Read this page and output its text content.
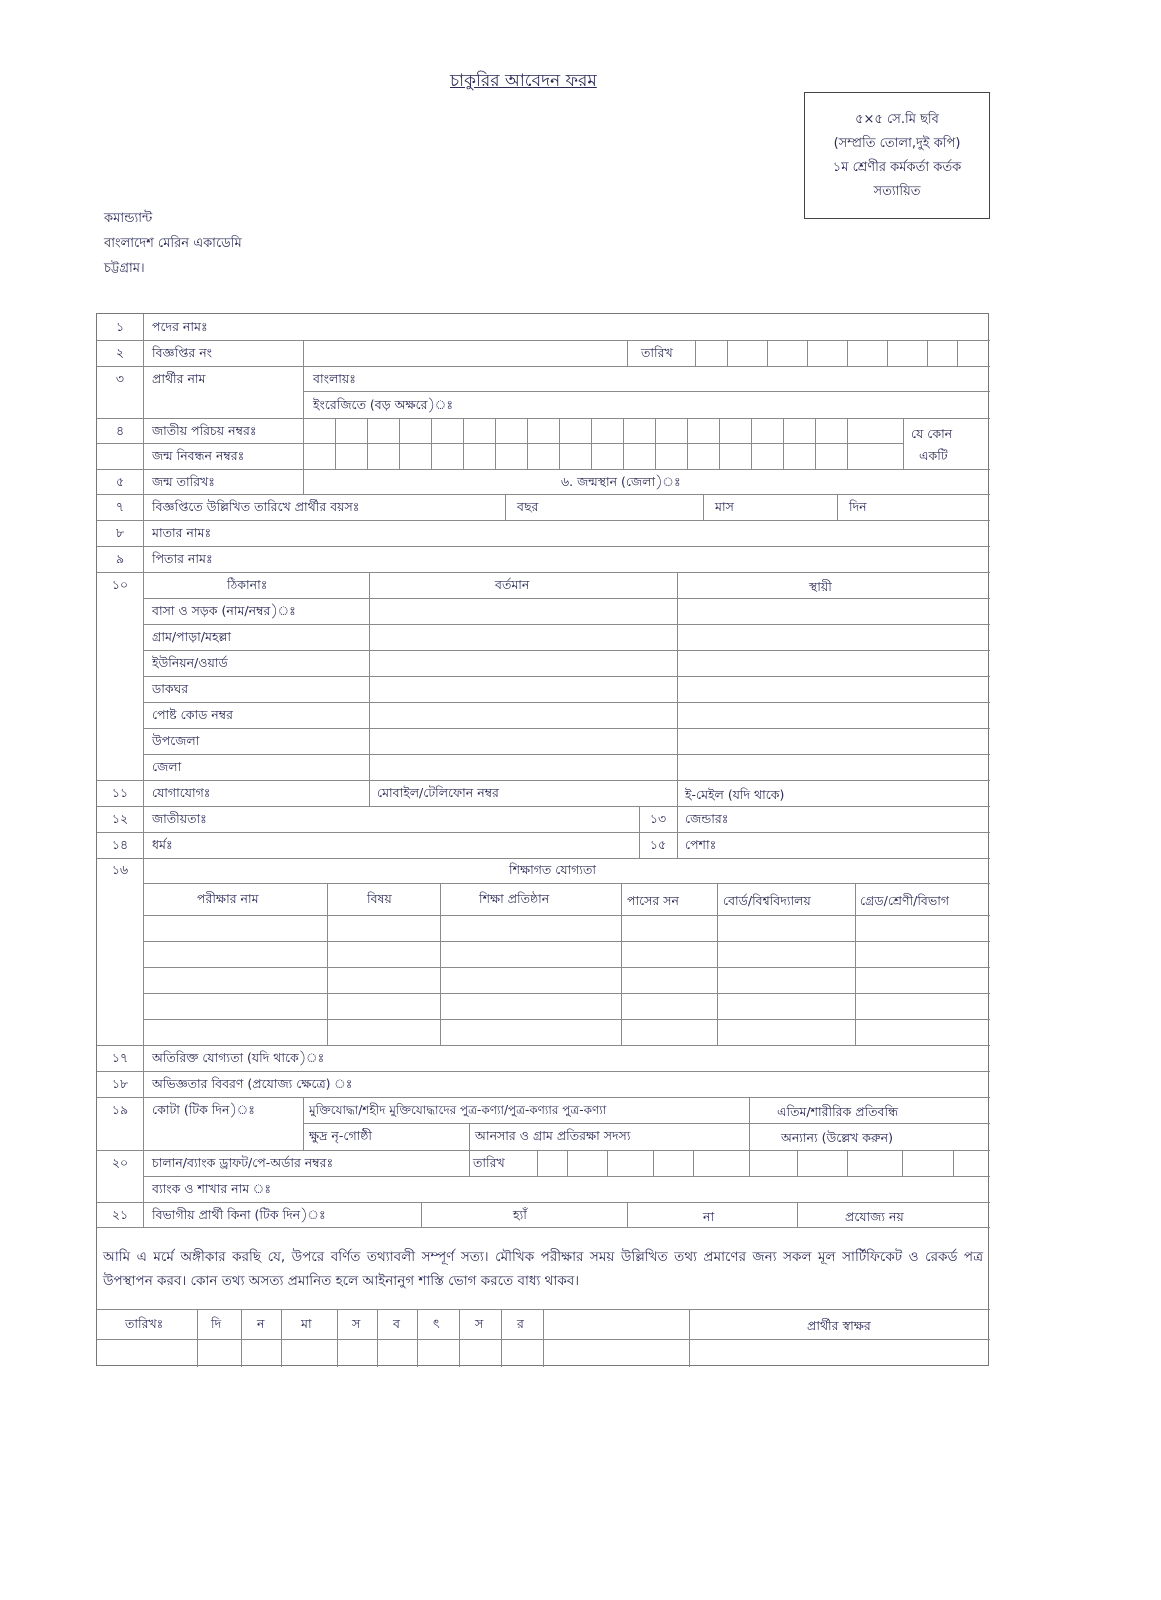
চাকুরির আবেদন ফরম
৫×৫ সে.মি ছবি
(সম্প্রতি তোলা,দুই কপি)
১ম শ্রেণীর কর্মকর্তা কর্তক
সত্যায়িত
কমান্ড্যান্ট
বাংলাদেশ মেরিন একাডেমি
চট্টগ্রাম।
১	পদের নামঃ
২	বিজ্ঞপ্তির নং	তারিখ
৩	প্রার্থীর নাম	বাংলায়ঃ
ইংরেজিতে (বড় অক্ষরে)ঃ
৪	জাতীয় পরিচয় নম্বরঃ
জন্ম নিবন্ধন নম্বরঃ
যে কোন
একটি
৫	জন্ম তারিখঃ	৬. জন্মস্থান (জেলা)ঃ
৭	বিজ্ঞপ্তিতে উল্লিখিত তারিখে প্রার্থীর বয়সঃ	বছর	মাস	দিন
৮	মাতার নামঃ
৯	পিতার নামঃ
১০	ঠিকানাঃ	বর্তমান	স্থায়ী
বাসা ও সড়ক (নাম/নম্বর)ঃ
গ্রাম/পাড়া/মহল্লা
ইউনিয়ন/ওয়ার্ড
ডাকঘর
পোষ্ট কোড নম্বর
উপজেলা
জেলা
১১	যোগাযোগঃ	মোবাইল/টেলিফোন নম্বর	ই-মেইল (যদি থাকে)
১২	জাতীয়তাঃ	১৩	জেন্ডারঃ
১৪	ধর্মঃ	১৫	পেশাঃ
১৬	শিক্ষাগত যোগ্যতা
পরীক্ষার নাম	বিষয়	শিক্ষা প্রতিষ্ঠান	পাসের সন	বোর্ড/বিশ্ববিদ্যালয়	গ্রেড/শ্রেণী/বিভাগ
১৭	অতিরিক্ত যোগ্যতা (যদি থাকে)ঃ
১৮	অভিজ্ঞতার বিবরণ (প্রযোজ্য ক্ষেত্রে) ঃ
১৯	কোটা (টিক দিন)ঃ	মুক্তিযোদ্ধা/শহীদ মুক্তিযোদ্ধাদের পুত্র-কণ্যা/পুত্র-কণ্যার পুত্র-কণ্যা	এতিম/শারীরিক প্রতিবন্ধি
ক্ষুদ্র নৃ-গোষ্ঠী	আনসার ও গ্রাম প্রতিরক্ষা সদস্য	অন্যান্য (উল্লেখ করুন)
২০	চালান/ব্যাংক ড্রাফট/পে-অর্ডার নম্বরঃ	তারিখ
ব্যাংক ও শাখার নাম ঃ
২১	বিভাগীয় প্রার্থী কিনা (টিক দিন)ঃ	হ্যাঁ	না	প্রযোজ্য নয়
তারিখঃ	দি	ন	মা	স	ব	ৎ	স	র	প্রার্থীর স্বাক্ষর
আমি এ মর্মে অঙ্গীকার করছি যে, উপরে বর্ণিত তথ্যাবলী সম্পূর্ণ সত্য। মৌখিক পরীক্ষার সময় উল্লিখিত তথ্য প্রমাণের জন্য সকল মূল সার্টিফিকেট ও রেকর্ড পত্র উপস্থাপন করব। কোন তথ্য অসত্য প্রমানিত হলে আইনানুগ শাস্তি ভোগ করতে বাধ্য থাকব।
